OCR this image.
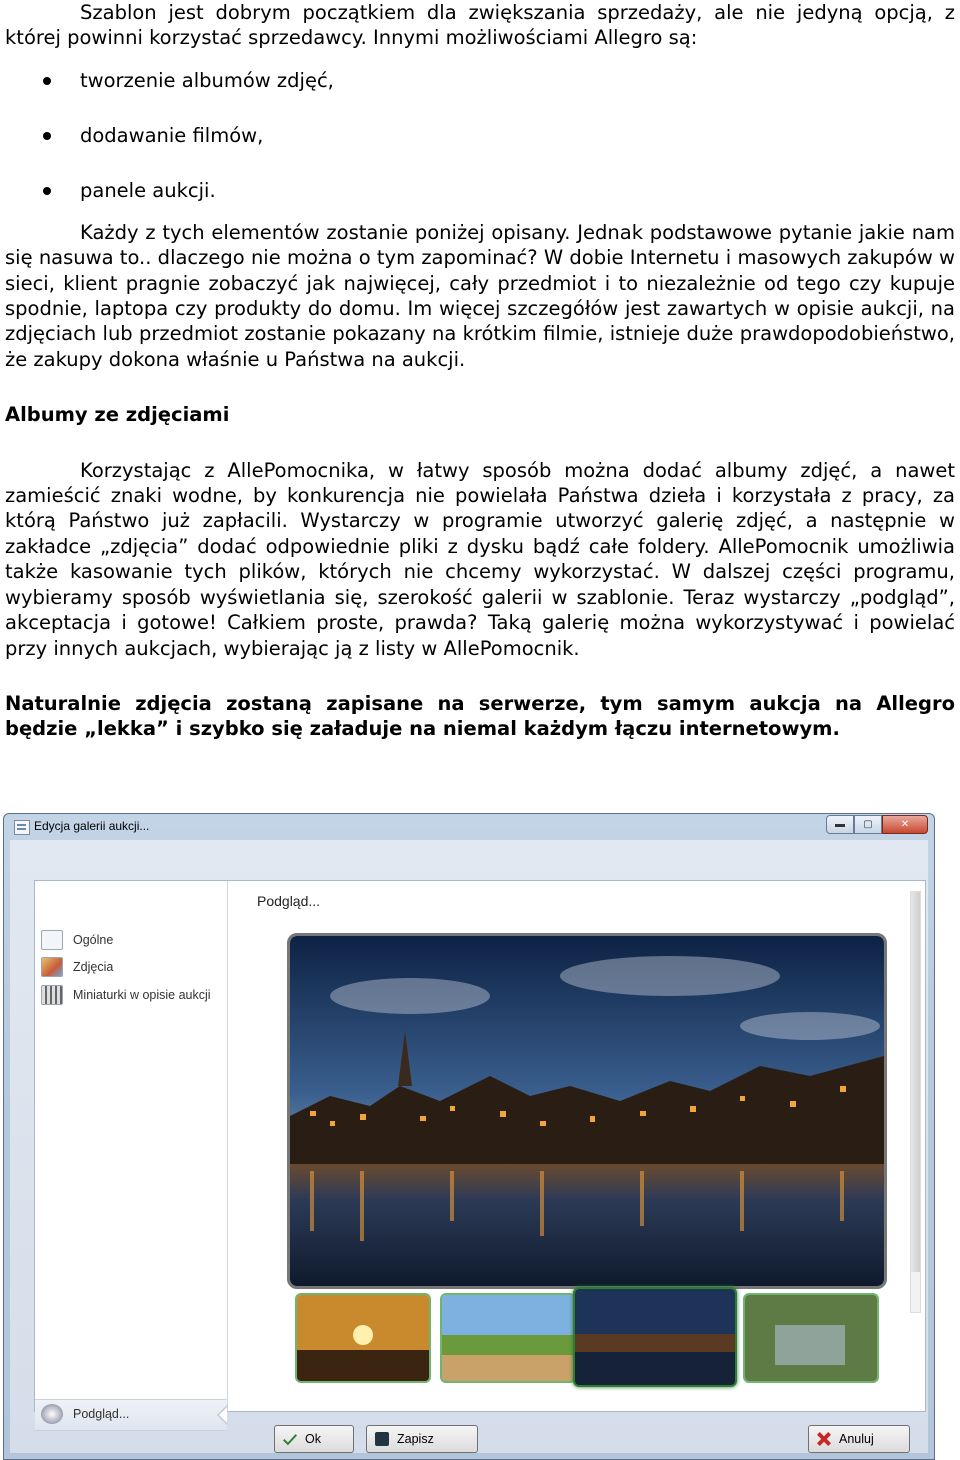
Szablon jest dobrym początkiem dla zwiększania sprzedaży, ale nie jedyną opcją, z której powinni korzystać sprzedawcy. Innymi możliwościami Allegro są:

tworzenie albumów zdjęć,
dodawanie filmów,
panele aukcji.

Każdy z tych elementów zostanie poniżej opisany. Jednak podstawowe pytanie jakie nam się nasuwa to.. dlaczego nie można o tym zapominać? W dobie Internetu i masowych zakupów w sieci, klient pragnie zobaczyć jak najwięcej, cały przedmiot i to niezależnie od tego czy kupuje spodnie, laptopa czy produkty do domu. Im więcej szczegółów jest zawartych w opisie aukcji, na zdjęciach lub przedmiot zostanie pokazany na krótkim filmie, istnieje duże prawdopodobieństwo, że zakupy dokona właśnie u Państwa na aukcji.

Albumy ze zdjęciami

Korzystając z AllePomocnika, w łatwy sposób można dodać albumy zdjęć, a nawet zamieścić znaki wodne, by konkurencja nie powielała Państwa dzieła i korzystała z pracy, za którą Państwo już zapłacili. Wystarczy w programie utworzyć galerię zdjęć, a następnie w zakładce „zdjęcia” dodać odpowiednie pliki z dysku bądź całe foldery. AllePomocnik umożliwia także kasowanie tych plików, których nie chcemy wykorzystać. W dalszej części programu, wybieramy sposób wyświetlania się, szerokość galerii w szablonie. Teraz wystarczy „podgląd”, akceptacja i gotowe! Całkiem proste, prawda? Taką galerię można wykorzystywać i powielać przy innych aukcjach, wybierając ją z listy w AllePomocnik.

Naturalnie zdjęcia zostaną zapisane na serwerze, tym samym aukcja na Allegro będzie „lekka” i szybko się załaduje na niemal każdym łączu internetowym.

Edycja galerii aukcji...	▬	▢	✕
Ogólne
Zdjęcia
Miniaturki w opisie aukcji
Podgląd...
Podgląd...
Ok	Zapisz	Anuluj
